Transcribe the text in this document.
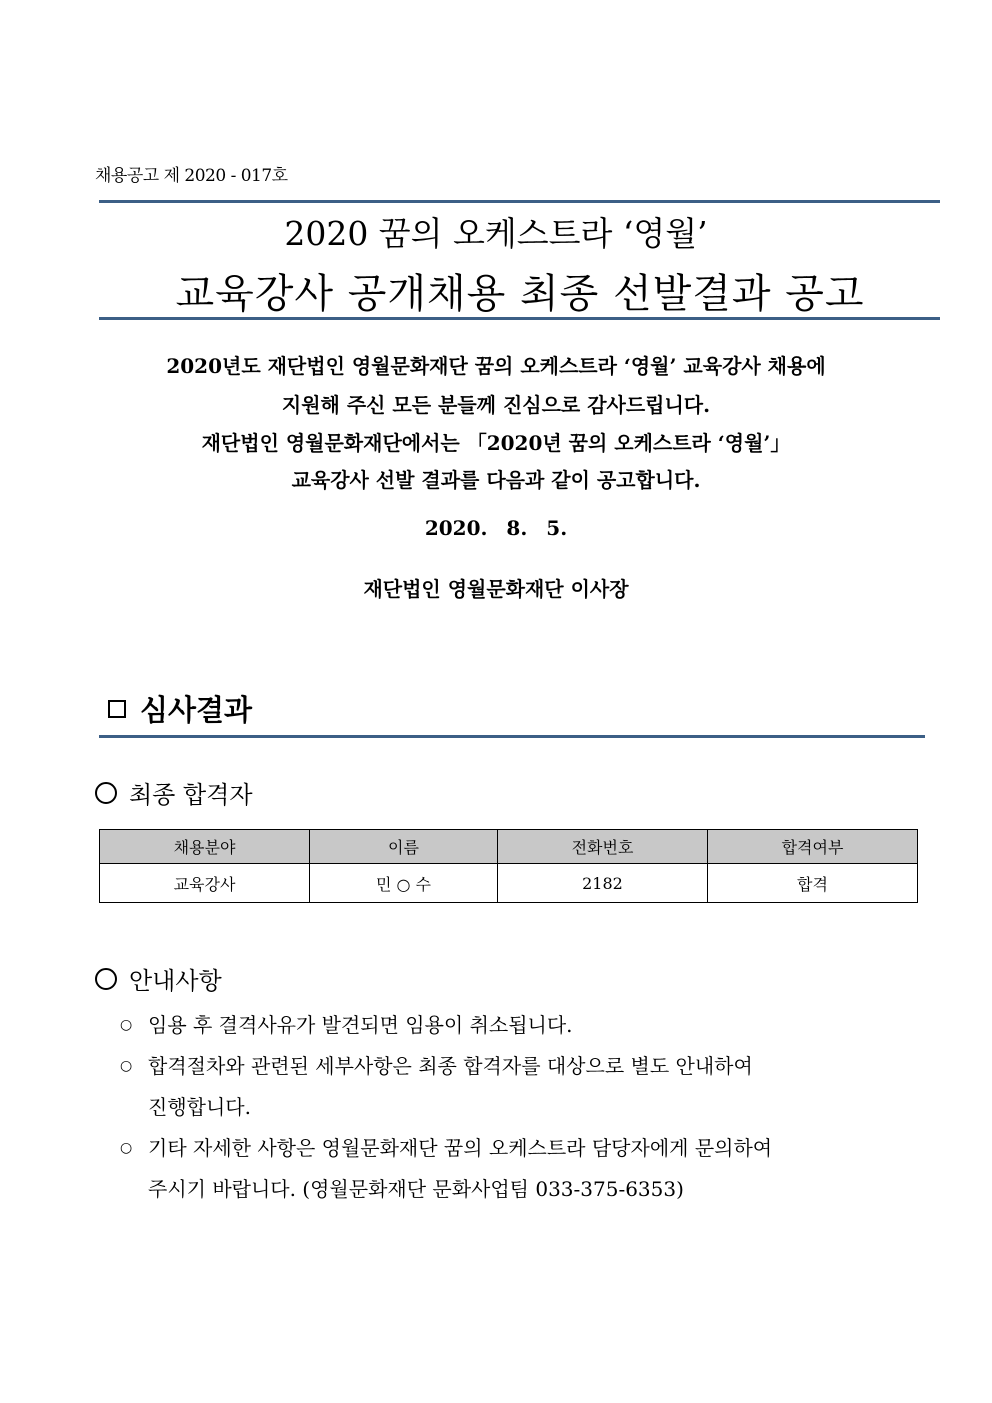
채용공고 제 2020 - 017호
2020 꿈의 오케스트라 ‘영월’
교육강사 공개채용 최종 선발결과 공고
2020년도 재단법인 영월문화재단 꿈의 오케스트라 ‘영월’ 교육강사 채용에
지원해 주신 모든 분들께 진심으로 감사드립니다.
재단법인 영월문화재단에서는 「2020년 꿈의 오케스트라 ‘영월’」
교육강사 선발 결과를 다음과 같이 공고합니다.
2020. 8. 5.
재단법인 영월문화재단 이사장
심사결과
최종 합격자
채용분야	이름	전화번호	합격여부
교육강사	민 ○ 수	2182	합격
안내사항
○ 임용 후 결격사유가 발견되면 임용이 취소됩니다.
○ 합격절차와 관련된 세부사항은 최종 합격자를 대상으로 별도 안내하여
진행합니다.
○ 기타 자세한 사항은 영월문화재단 꿈의 오케스트라 담당자에게 문의하여
주시기 바랍니다. (영월문화재단 문화사업팀 033-375-6353)
